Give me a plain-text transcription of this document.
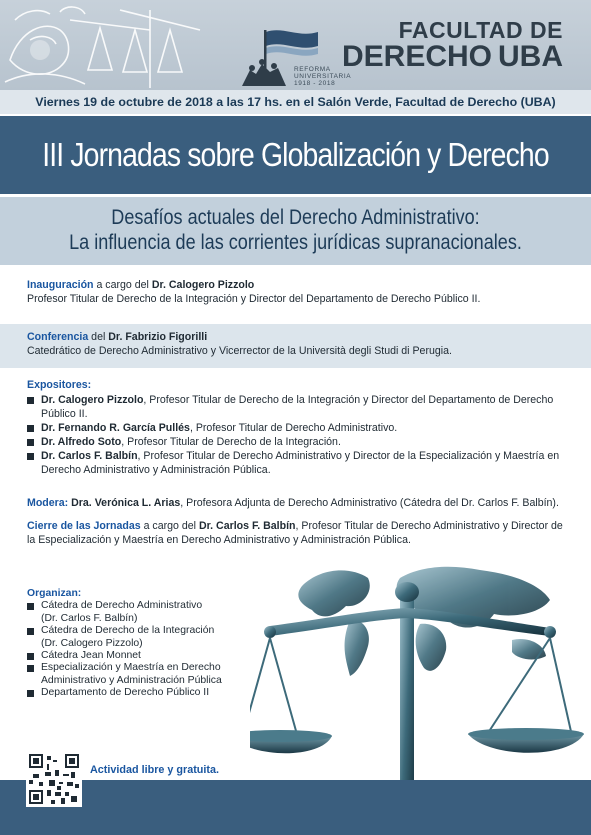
REFORMA
UNIVERSITARIA
1918 - 2018
FACULTAD DE
DERECHO UBA
Viernes 19 de octubre de 2018 a las 17 hs. en el Salón Verde, Facultad de Derecho (UBA)
III Jornadas sobre Globalización y Derecho
Desafíos actuales del Derecho Administrativo:
La influencia de las corrientes jurídicas supranacionales.
Inauguración a cargo del Dr. Calogero Pizzolo
Profesor Titular de Derecho de la Integración y Director del Departamento de Derecho Público II.
Conferencia del Dr. Fabrizio Figorilli
Catedrático de Derecho Administrativo y Vicerrector de la Università degli Studi di Perugia.
Expositores:
Dr. Calogero Pizzolo, Profesor Titular de Derecho de la Integración y Director del Departamento de Derecho Público II.
Dr. Fernando R. García Pullés, Profesor Titular de Derecho Administrativo.
Dr. Alfredo Soto, Profesor Titular de Derecho de la Integración.
Dr. Carlos F. Balbín, Profesor Titular de Derecho Administrativo y Director de la Especialización y Maestría en Derecho Administrativo y Administración Pública.
Modera: Dra. Verónica L. Arias, Profesora Adjunta de Derecho Administrativo (Cátedra del Dr. Carlos F. Balbín).
Cierre de las Jornadas a cargo del Dr. Carlos F. Balbín, Profesor Titular de Derecho Administrativo y Director de la Especialización y Maestría en Derecho Administrativo y Administración Pública.
Organizan:
Cátedra de Derecho Administrativo
(Dr. Carlos F. Balbín)
Cátedra de Derecho de la Integración
(Dr. Calogero Pizzolo)
Cátedra Jean Monnet
Especialización y Maestría en Derecho
Administrativo y Administración Pública
Departamento de Derecho Público II
Actividad libre y gratuita.
